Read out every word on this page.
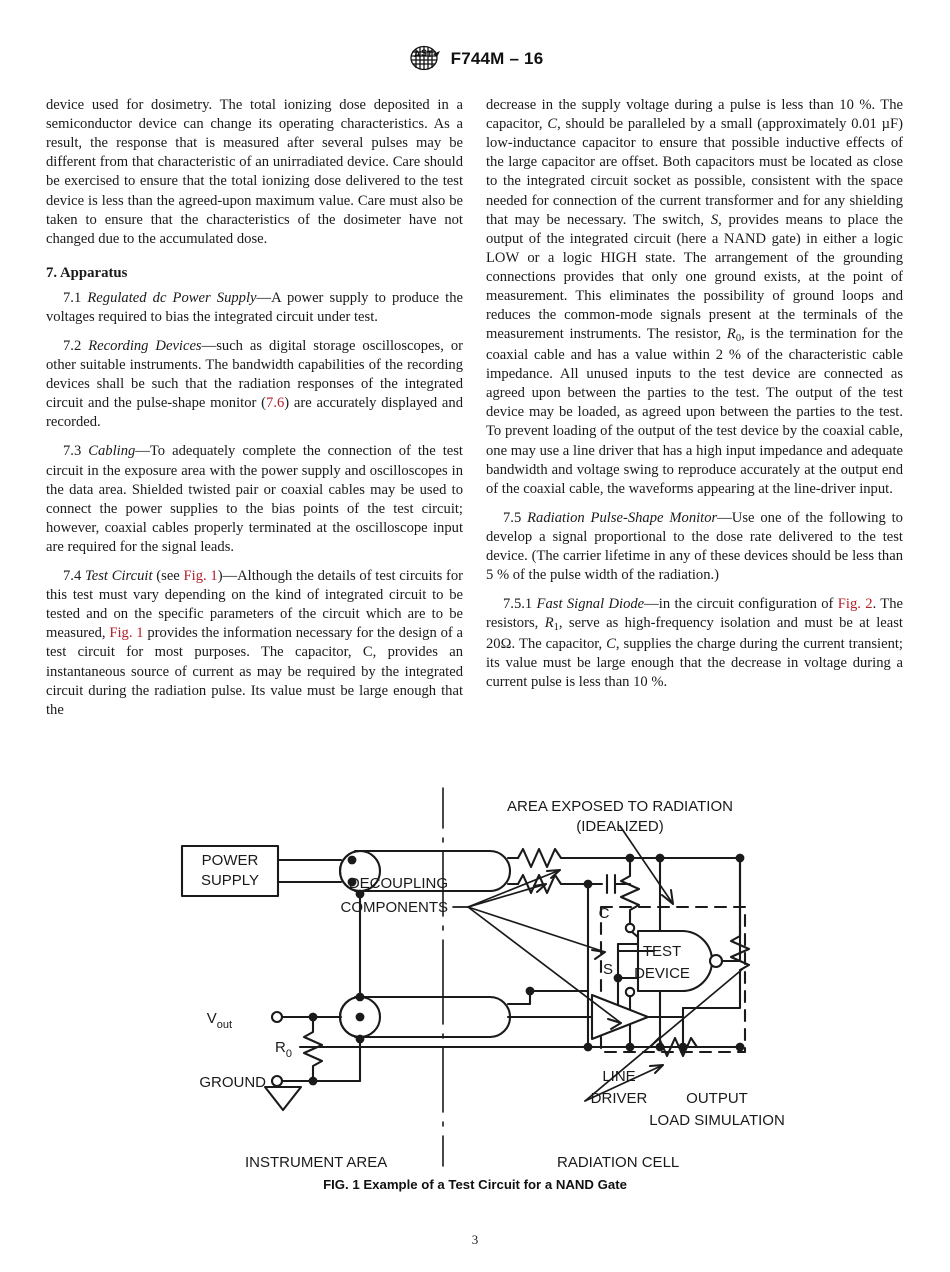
A S T F744M – 16

device used for dosimetry. The total ionizing dose deposited in a semiconductor device can change its operating characteristics. As a result, the response that is measured after several pulses may be different from that characteristic of an unirradiated device. Care should be exercised to ensure that the total ionizing dose delivered to the test device is less than the agreed-upon maximum value. Care must also be taken to ensure that the characteristics of the dosimeter have not changed due to the accumulated dose.

7. Apparatus

7.1 Regulated dc Power Supply—A power supply to produce the voltages required to bias the integrated circuit under test.

7.2 Recording Devices—such as digital storage oscilloscopes, or other suitable instruments. The bandwidth capabilities of the recording devices shall be such that the radiation responses of the integrated circuit and the pulse-shape monitor (7.6) are accurately displayed and recorded.

7.3 Cabling—To adequately complete the connection of the test circuit in the exposure area with the power supply and oscilloscopes in the data area. Shielded twisted pair or coaxial cables may be used to connect the power supplies to the bias points of the test circuit; however, coaxial cables properly terminated at the oscilloscope input are required for the signal leads.

7.4 Test Circuit (see Fig. 1)—Although the details of test circuits for this test must vary depending on the kind of integrated circuit to be tested and on the specific parameters of the circuit which are to be measured, Fig. 1 provides the information necessary for the design of a test circuit for most purposes. The capacitor, C, provides an instantaneous source of current as may be required by the integrated circuit during the radiation pulse. Its value must be large enough that the

decrease in the supply voltage during a pulse is less than 10 %. The capacitor, C, should be paralleled by a small (approximately 0.01 µF) low-inductance capacitor to ensure that possible inductive effects of the large capacitor are offset. Both capacitors must be located as close to the integrated circuit socket as possible, consistent with the space needed for connection of the current transformer and for any shielding that may be necessary. The switch, S, provides means to place the output of the integrated circuit (here a NAND gate) in either a logic LOW or a logic HIGH state. The arrangement of the grounding connections provides that only one ground exists, at the point of measurement. This eliminates the possibility of ground loops and reduces the common-mode signals present at the terminals of the measurement instruments. The resistor, $R_0$, is the termination for the coaxial cable and has a value within 2 % of the characteristic cable impedance. All unused inputs to the test device are connected as agreed upon between the parties to the test. The output of the test device may be loaded, as agreed upon between the parties to the test. To prevent loading of the output of the test device by the coaxial cable, one may use a line driver that has a high input impedance and adequate bandwidth and voltage swing to reproduce accurately at the output end of the coaxial cable, the waveforms appearing at the line-driver input.

7.5 Radiation Pulse-Shape Monitor—Use one of the following to develop a signal proportional to the dose rate delivered to the test device. (The carrier lifetime in any of these devices should be less than 5 % of the pulse width of the radiation.)

7.5.1 Fast Signal Diode—in the circuit configuration of Fig. 2. The resistors, $R_1$, serve as high-frequency isolation and must be at least 20Ω. The capacitor, C, supplies the charge during the current transient; its value must be large enough that the decrease in voltage during a current pulse is less than 10 %.

POWER
SUPPLY
AREA EXPOSED TO RADIATION
(IDEALIZED)
DECOUPLING
COMPONENTS	C
S
TEST
DEVICE
$V_{out}$
$R_0$
GROUND	LINE
DRIVER	OUTPUT
LOAD SIMULATION
INSTRUMENT AREA	RADIATION CELL
FIG. 1 Example of a Test Circuit for a NAND Gate
3
